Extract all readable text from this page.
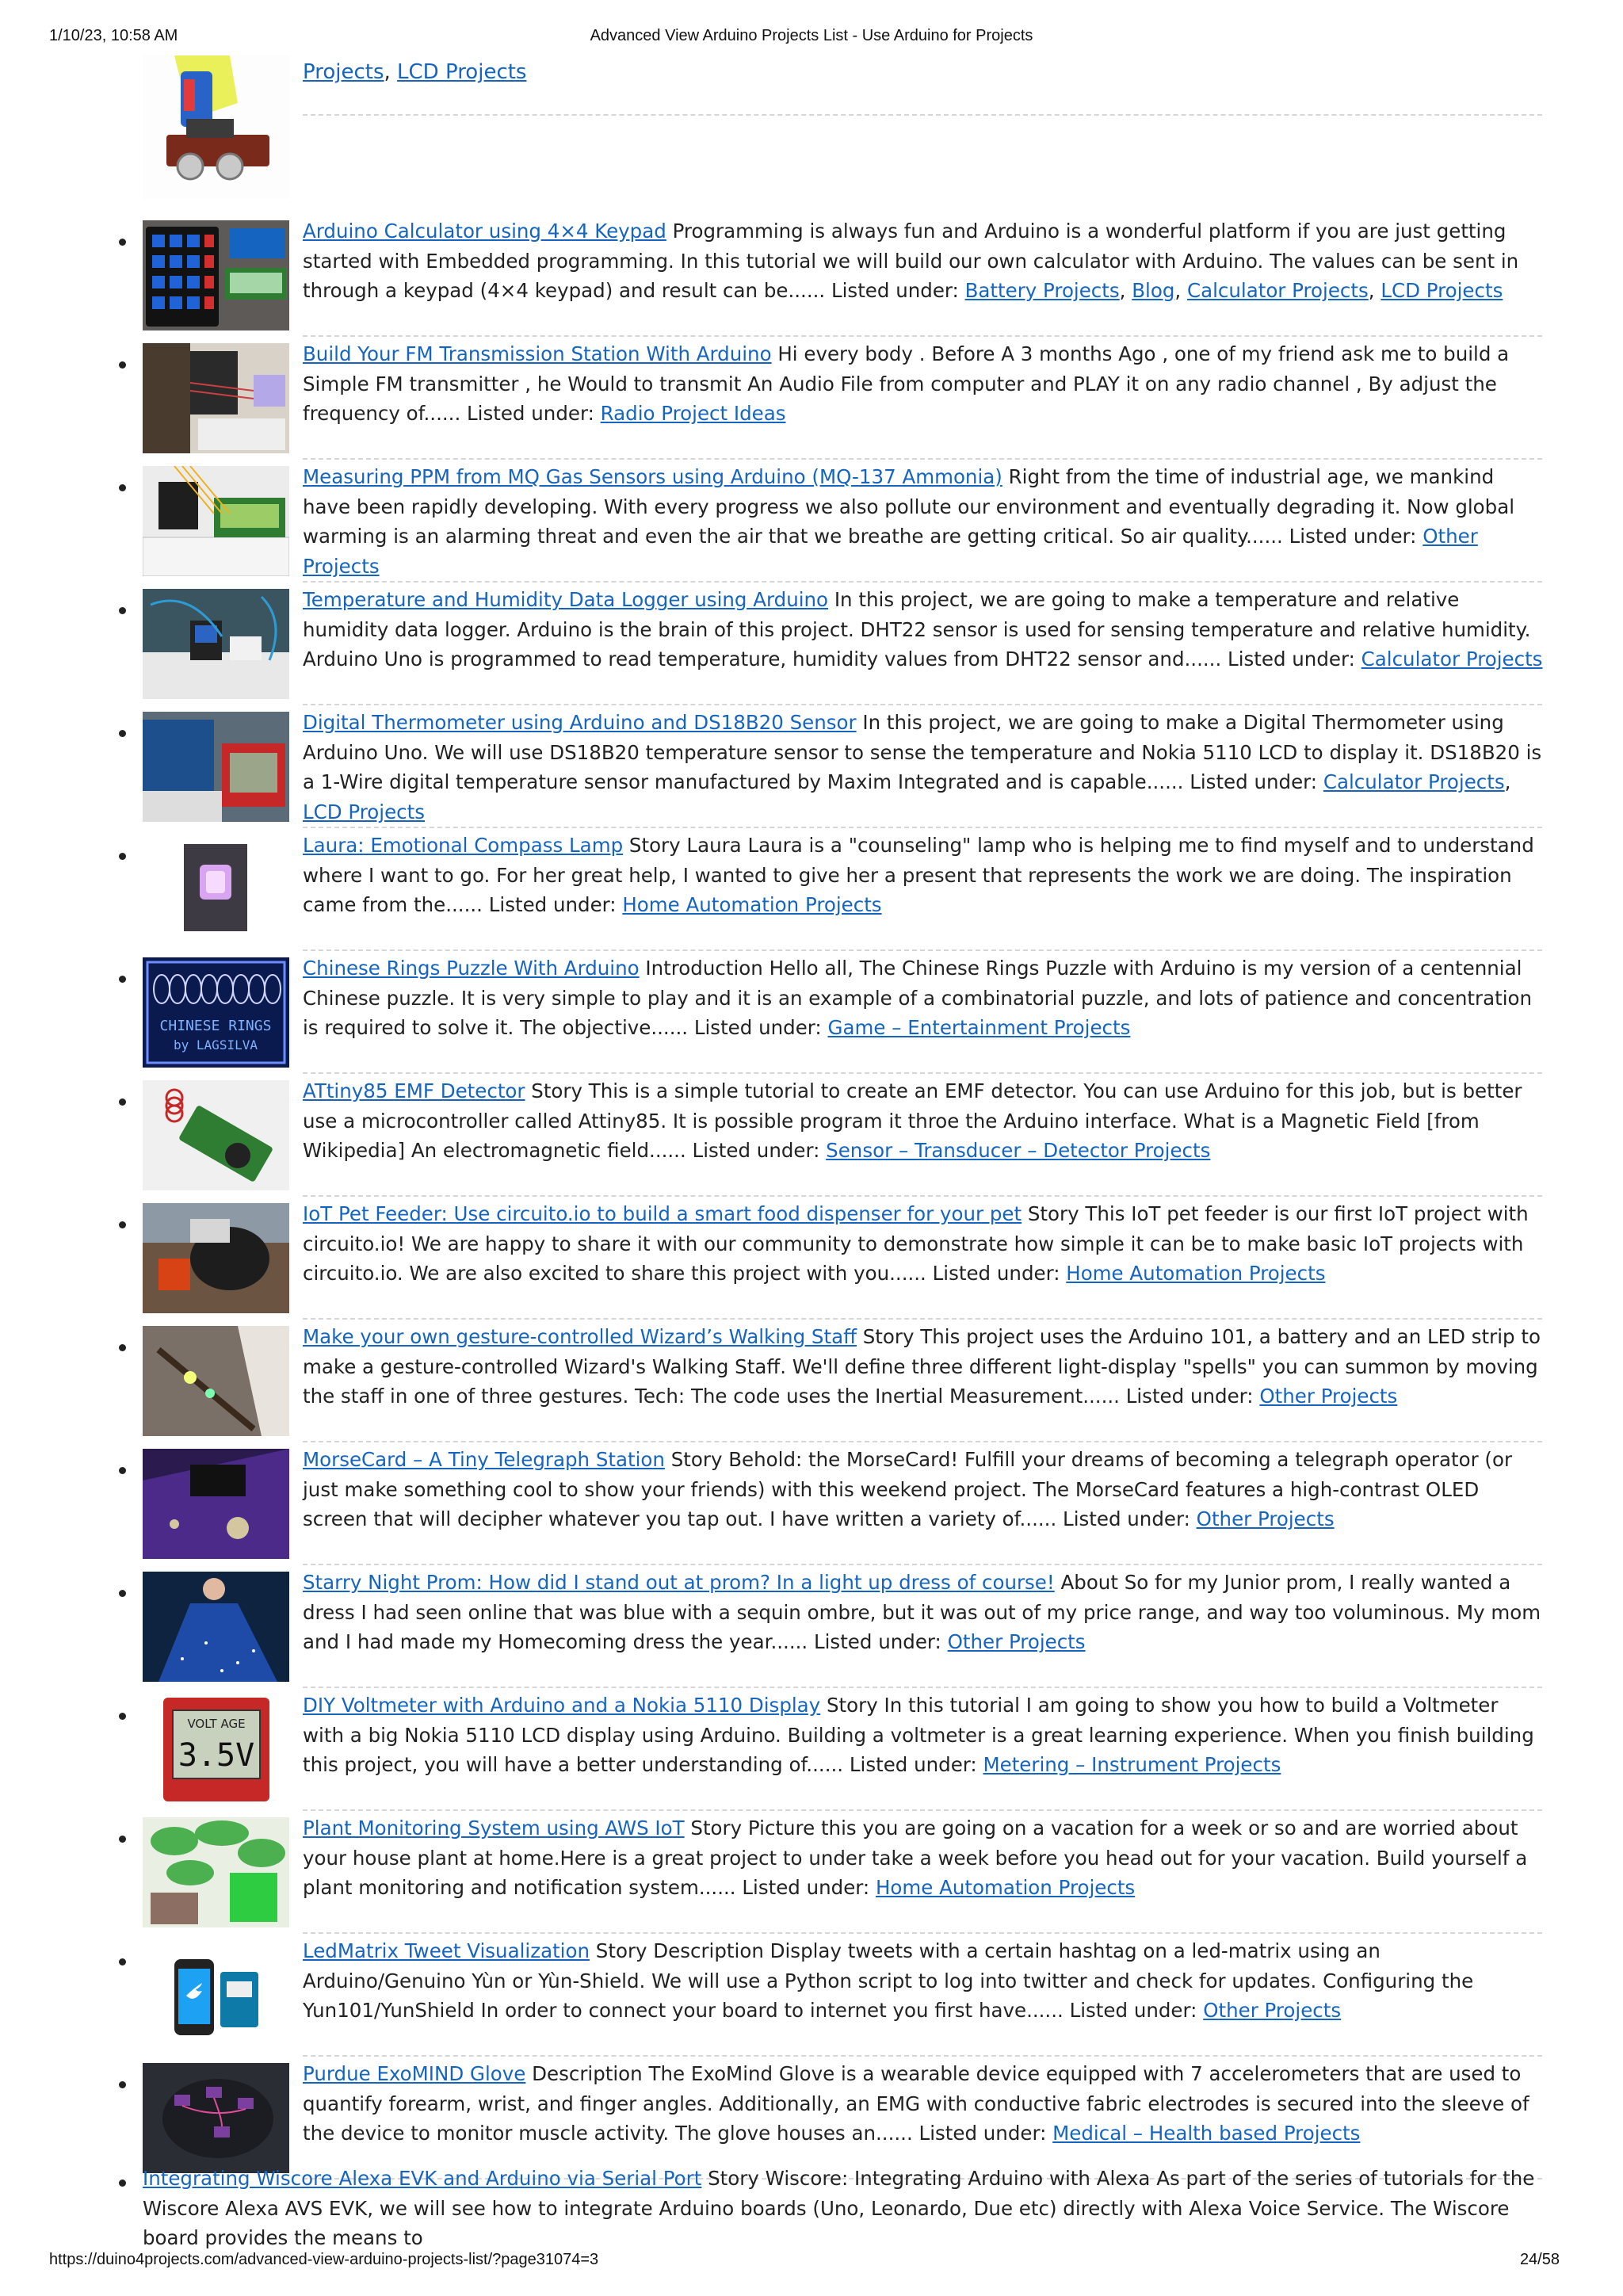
1/10/23, 10:58 AM	Advanced View Arduino Projects List - Use Arduino for Projects
Projects, LCD Projects
Arduino Calculator using 4×4 Keypad Programming is always fun and Arduino is a wonderful platform if you are just getting started with Embedded programming. In this tutorial we will build our own calculator with Arduino. The values can be sent in through a keypad (4×4 keypad) and result can be...... Listed under: Battery Projects, Blog, Calculator Projects, LCD Projects
Build Your FM Transmission Station With Arduino Hi every body . Before A 3 months Ago , one of my friend ask me to build a Simple FM transmitter , he Would to transmit An Audio File from computer and PLAY it on any radio channel , By adjust the frequency of...... Listed under: Radio Project Ideas
Measuring PPM from MQ Gas Sensors using Arduino (MQ-137 Ammonia) Right from the time of industrial age, we mankind have been rapidly developing. With every progress we also pollute our environment and eventually degrading it. Now global warming is an alarming threat and even the air that we breathe are getting critical. So air quality...... Listed under: Other Projects
Temperature and Humidity Data Logger using Arduino In this project, we are going to make a temperature and relative humidity data logger. Arduino is the brain of this project. DHT22 sensor is used for sensing temperature and relative humidity. Arduino Uno is programmed to read temperature, humidity values from DHT22 sensor and...... Listed under: Calculator Projects
Digital Thermometer using Arduino and DS18B20 Sensor In this project, we are going to make a Digital Thermometer using Arduino Uno. We will use DS18B20 temperature sensor to sense the temperature and Nokia 5110 LCD to display it. DS18B20 is a 1-Wire digital temperature sensor manufactured by Maxim Integrated and is capable...... Listed under: Calculator Projects, LCD Projects
Laura: Emotional Compass Lamp Story Laura Laura is a "counseling" lamp who is helping me to find myself and to understand where I want to go. For her great help, I wanted to give her a present that represents the work we are doing. The inspiration came from the...... Listed under: Home Automation Projects
CHINESE RINGS
by LAGSILVA
Chinese Rings Puzzle With Arduino Introduction Hello all, The Chinese Rings Puzzle with Arduino is my version of a centennial Chinese puzzle. It is very simple to play and it is an example of a combinatorial puzzle, and lots of patience and concentration is required to solve it. The objective...... Listed under: Game – Entertainment Projects
ATtiny85 EMF Detector Story This is a simple tutorial to create an EMF detector. You can use Arduino for this job, but is better use a microcontroller called Attiny85. It is possible program it throe the Arduino interface. What is a Magnetic Field [from Wikipedia] An electromagnetic field...... Listed under: Sensor – Transducer – Detector Projects
IoT Pet Feeder: Use circuito.io to build a smart food dispenser for your pet Story This IoT pet feeder is our first IoT project with circuito.io! We are happy to share it with our community to demonstrate how simple it can be to make basic IoT projects with circuito.io. We are also excited to share this project with you...... Listed under: Home Automation Projects
Make your own gesture-controlled Wizard’s Walking Staff Story This project uses the Arduino 101, a battery and an LED strip to make a gesture-controlled Wizard's Walking Staff. We'll define three different light-display "spells" you can summon by moving the staff in one of three gestures. Tech: The code uses the Inertial Measurement...... Listed under: Other Projects
MorseCard – A Tiny Telegraph Station Story Behold: the MorseCard! Fulfill your dreams of becoming a telegraph operator (or just make something cool to show your friends) with this weekend project. The MorseCard features a high-contrast OLED screen that will decipher whatever you tap out. I have written a variety of...... Listed under: Other Projects
Starry Night Prom: How did I stand out at prom? In a light up dress of course! About So for my Junior prom, I really wanted a dress I had seen online that was blue with a sequin ombre, but it was out of my price range, and way too voluminous. My mom and I had made my Homecoming dress the year...... Listed under: Other Projects
VOLT AGE
3.5V
DIY Voltmeter with Arduino and a Nokia 5110 Display Story In this tutorial I am going to show you how to build a Voltmeter with a big Nokia 5110 LCD display using Arduino. Building a voltmeter is a great learning experience. When you finish building this project, you will have a better understanding of...... Listed under: Metering – Instrument Projects
Plant Monitoring System using AWS IoT Story Picture this you are going on a vacation for a week or so and are worried about your house plant at home.Here is a great project to under take a week before you head out for your vacation. Build yourself a plant monitoring and notification system...... Listed under: Home Automation Projects
LedMatrix Tweet Visualization Story Description Display tweets with a certain hashtag on a led-matrix using an Arduino/Genuino Yùn or Yùn-Shield. We will use a Python script to log into twitter and check for updates. Configuring the Yun101/YunShield In order to connect your board to internet you first have...... Listed under: Other Projects
Purdue ExoMIND Glove Description The ExoMind Glove is a wearable device equipped with 7 accelerometers that are used to quantify forearm, wrist, and finger angles. Additionally, an EMG with conductive fabric electrodes is secured into the sleeve of the device to monitor muscle activity. The glove houses an...... Listed under: Medical – Health based Projects
Integrating Wiscore Alexa EVK and Arduino via Serial Port Story Wiscore: Integrating Arduino with Alexa As part of the series of tutorials for the Wiscore Alexa AVS EVK, we will see how to integrate Arduino boards (Uno, Leonardo, Due etc) directly with Alexa Voice Service. The Wiscore board provides the means to
https://duino4projects.com/advanced-view-arduino-projects-list/?page31074=3	24/58
